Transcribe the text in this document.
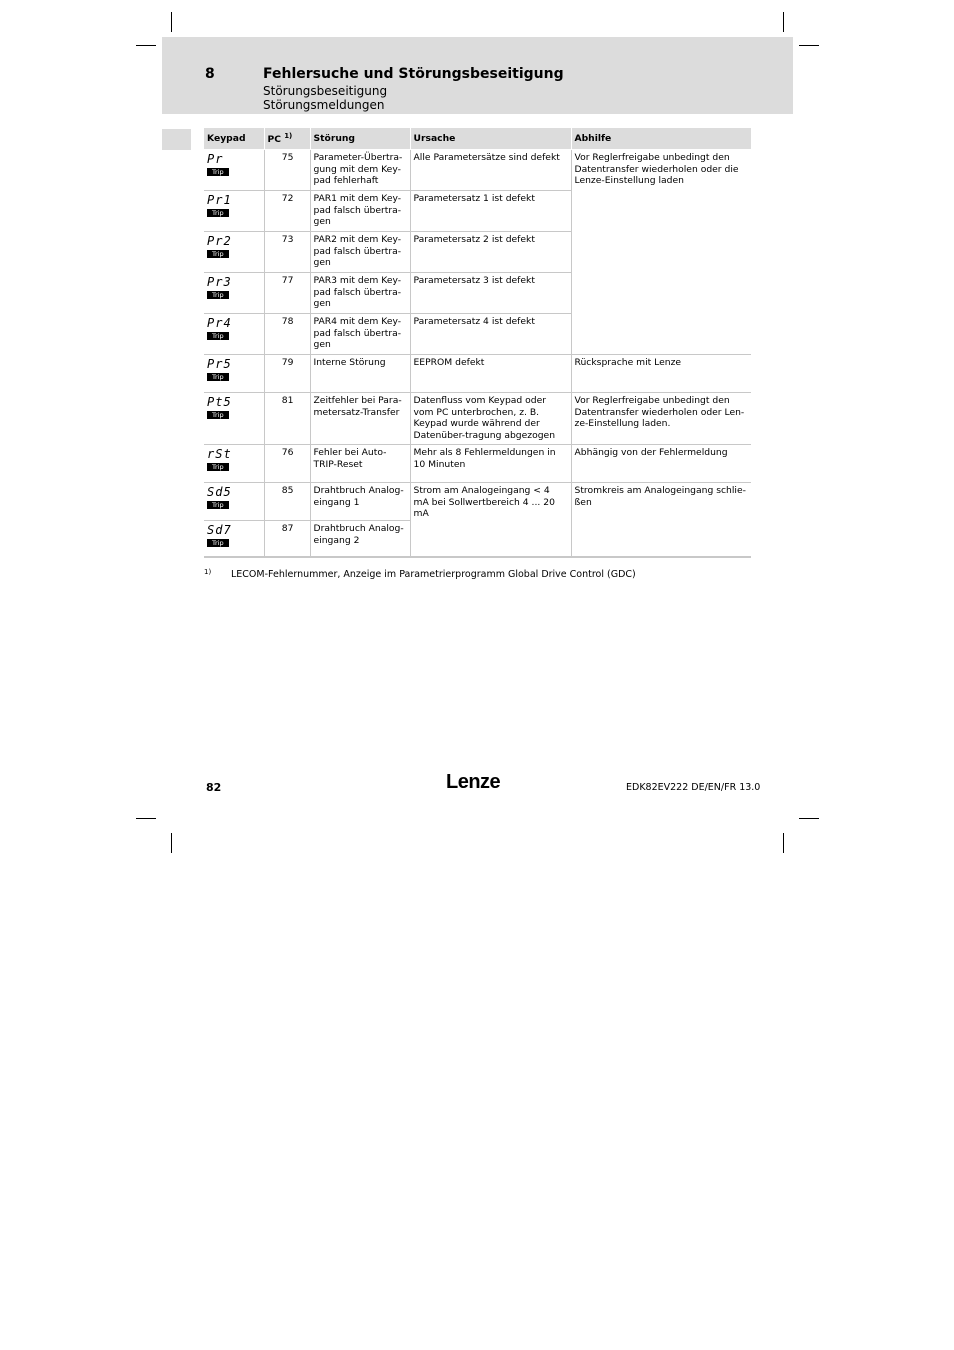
8	Fehlersuche und Störungsbeseitigung
Störungsbeseitigung
Störungsmeldungen
Keypad	PC $^{1)}$	Störung	Ursache	Abhilfe

Pr
Trip	75	Parameter-Übertra-gung mit dem Key-pad fehlerhaft	Alle Parametersätze sind defekt	Vor Reglerfreigabe unbedingt den Datentransfer wiederholen oder die Lenze-Einstellung laden

Pr1
Trip	72	PAR1 mit dem Key-pad falsch übertra-gen	Parametersatz 1 ist defekt	

Pr2
Trip	73	PAR2 mit dem Key-pad falsch übertra-gen	Parametersatz 2 ist defekt	

Pr3
Trip	77	PAR3 mit dem Key-pad falsch übertra-gen	Parametersatz 3 ist defekt	

Pr4
Trip	78	PAR4 mit dem Key-pad falsch übertra-gen	Parametersatz 4 ist defekt	

Pr5
Trip	79	Interne Störung	EEPROM defekt	Rücksprache mit Lenze

Pt5
Trip	81	Zeitfehler bei Para-metersatz-Transfer	Datenfluss vom Keypad oder vom PC unterbrochen, z. B. Keypad wurde während der Datenüber-tragung abgezogen	Vor Reglerfreigabe unbedingt den Datentransfer wiederholen oder Len-ze-Einstellung laden.

rSt
Trip	76	Fehler bei Auto-TRIP-Reset	Mehr als 8 Fehlermeldungen in 10 Minuten	Abhängig von der Fehlermeldung

Sd5
Trip	85	Drahtbruch Analog-eingang 1	Strom am Analogeingang < 4 mA bei Sollwertbereich 4 ... 20 mA	Stromkreis am Analogeingang schlie-ßen

Sd7
Trip	87	Drahtbruch Analog-eingang 2		
1) LECOM-Fehlernummer, Anzeige im Parametrierprogramm Global Drive Control (GDC)
82	Lenze	EDK82EV222 DE/EN/FR 13.0
